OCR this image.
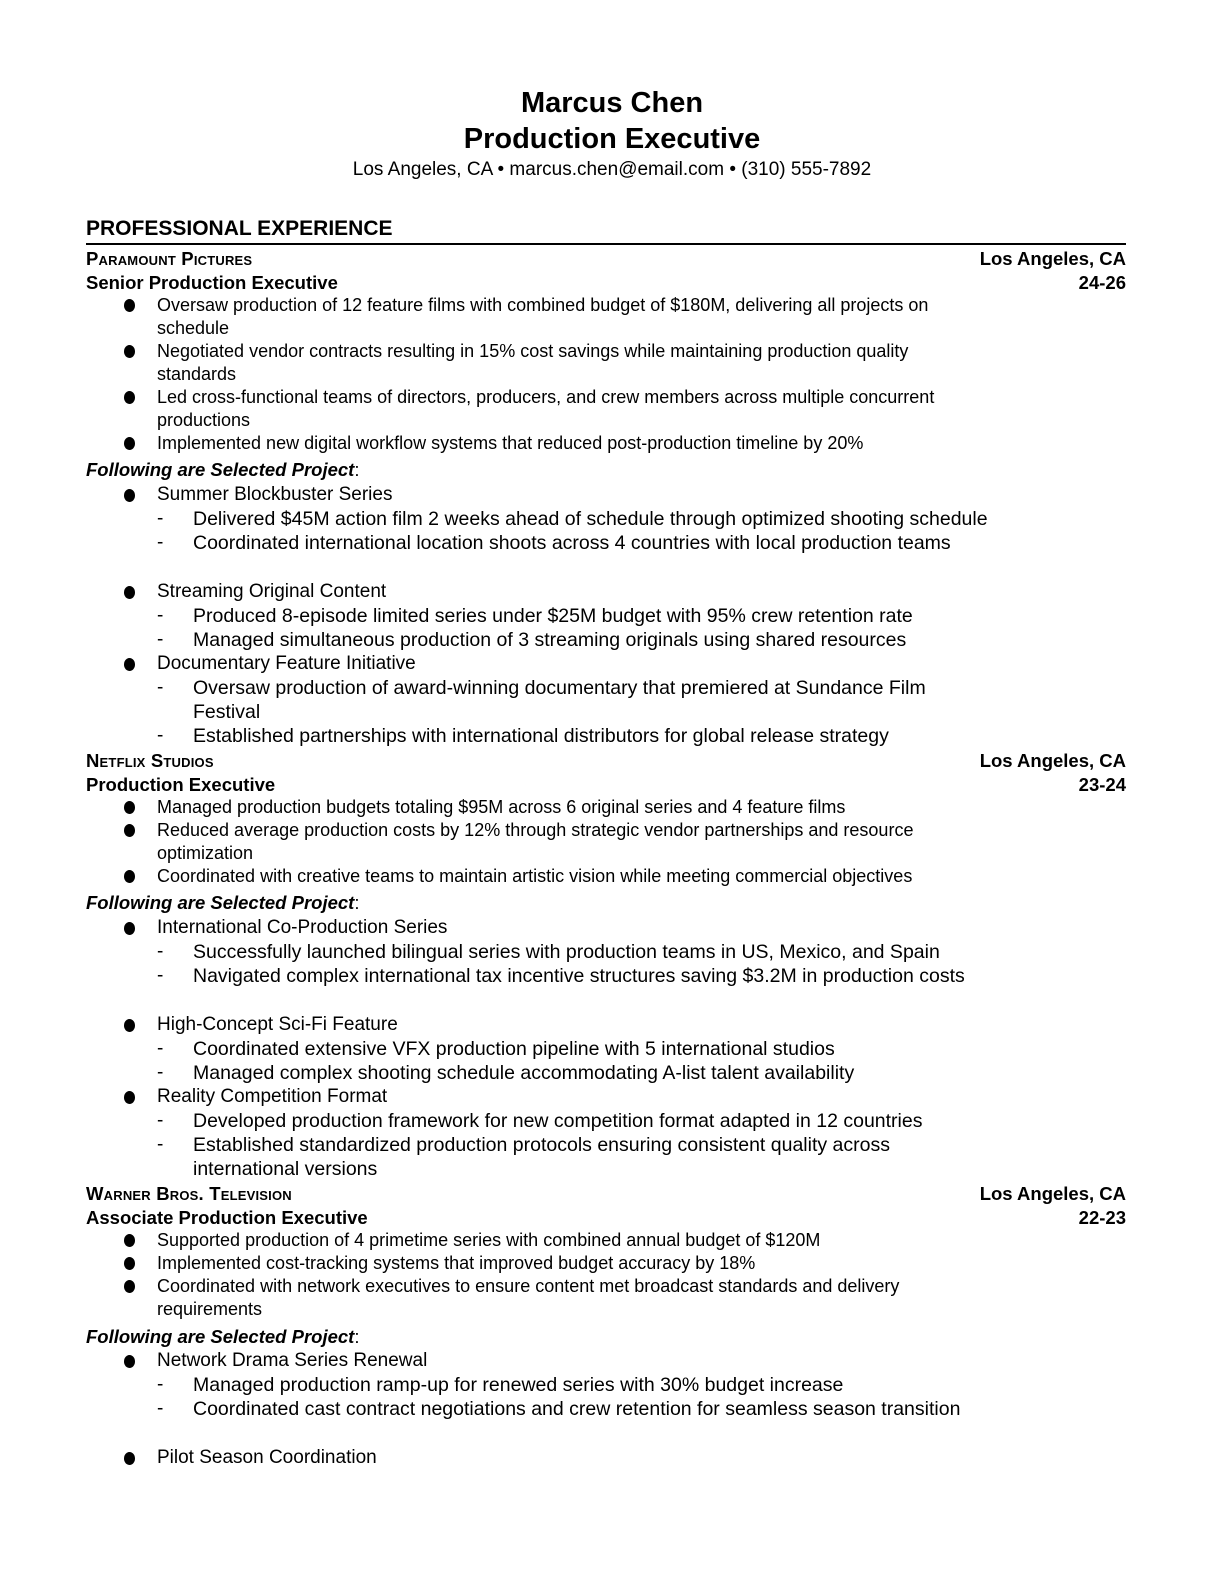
Marcus Chen
Production Executive
Los Angeles, CA • marcus.chen@email.com • (310) 555-7892
PROFESSIONAL EXPERIENCE
Paramount Pictures	Los Angeles, CA
Senior Production Executive	24-26
Oversaw production of 12 feature films with combined budget of $180M, delivering all projects on
schedule
Negotiated vendor contracts resulting in 15% cost savings while maintaining production quality
standards
Led cross-functional teams of directors, producers, and crew members across multiple concurrent
productions
Implemented new digital workflow systems that reduced post-production timeline by 20%
Following are Selected Project:
Summer Blockbuster Series
- Delivered $45M action film 2 weeks ahead of schedule through optimized shooting schedule
- Coordinated international location shoots across 4 countries with local production teams
Streaming Original Content
- Produced 8-episode limited series under $25M budget with 95% crew retention rate
- Managed simultaneous production of 3 streaming originals using shared resources
Documentary Feature Initiative
- Oversaw production of award-winning documentary that premiered at Sundance Film
Festival
- Established partnerships with international distributors for global release strategy
Netflix Studios	Los Angeles, CA
Production Executive	23-24
Managed production budgets totaling $95M across 6 original series and 4 feature films
Reduced average production costs by 12% through strategic vendor partnerships and resource
optimization
Coordinated with creative teams to maintain artistic vision while meeting commercial objectives
Following are Selected Project:
International Co-Production Series
- Successfully launched bilingual series with production teams in US, Mexico, and Spain
- Navigated complex international tax incentive structures saving $3.2M in production costs
High-Concept Sci-Fi Feature
- Coordinated extensive VFX production pipeline with 5 international studios
- Managed complex shooting schedule accommodating A-list talent availability
Reality Competition Format
- Developed production framework for new competition format adapted in 12 countries
- Established standardized production protocols ensuring consistent quality across
international versions
Warner Bros. Television	Los Angeles, CA
Associate Production Executive	22-23
Supported production of 4 primetime series with combined annual budget of $120M
Implemented cost-tracking systems that improved budget accuracy by 18%
Coordinated with network executives to ensure content met broadcast standards and delivery
requirements
Following are Selected Project:
Network Drama Series Renewal
- Managed production ramp-up for renewed series with 30% budget increase
- Coordinated cast contract negotiations and crew retention for seamless season transition
Pilot Season Coordination
